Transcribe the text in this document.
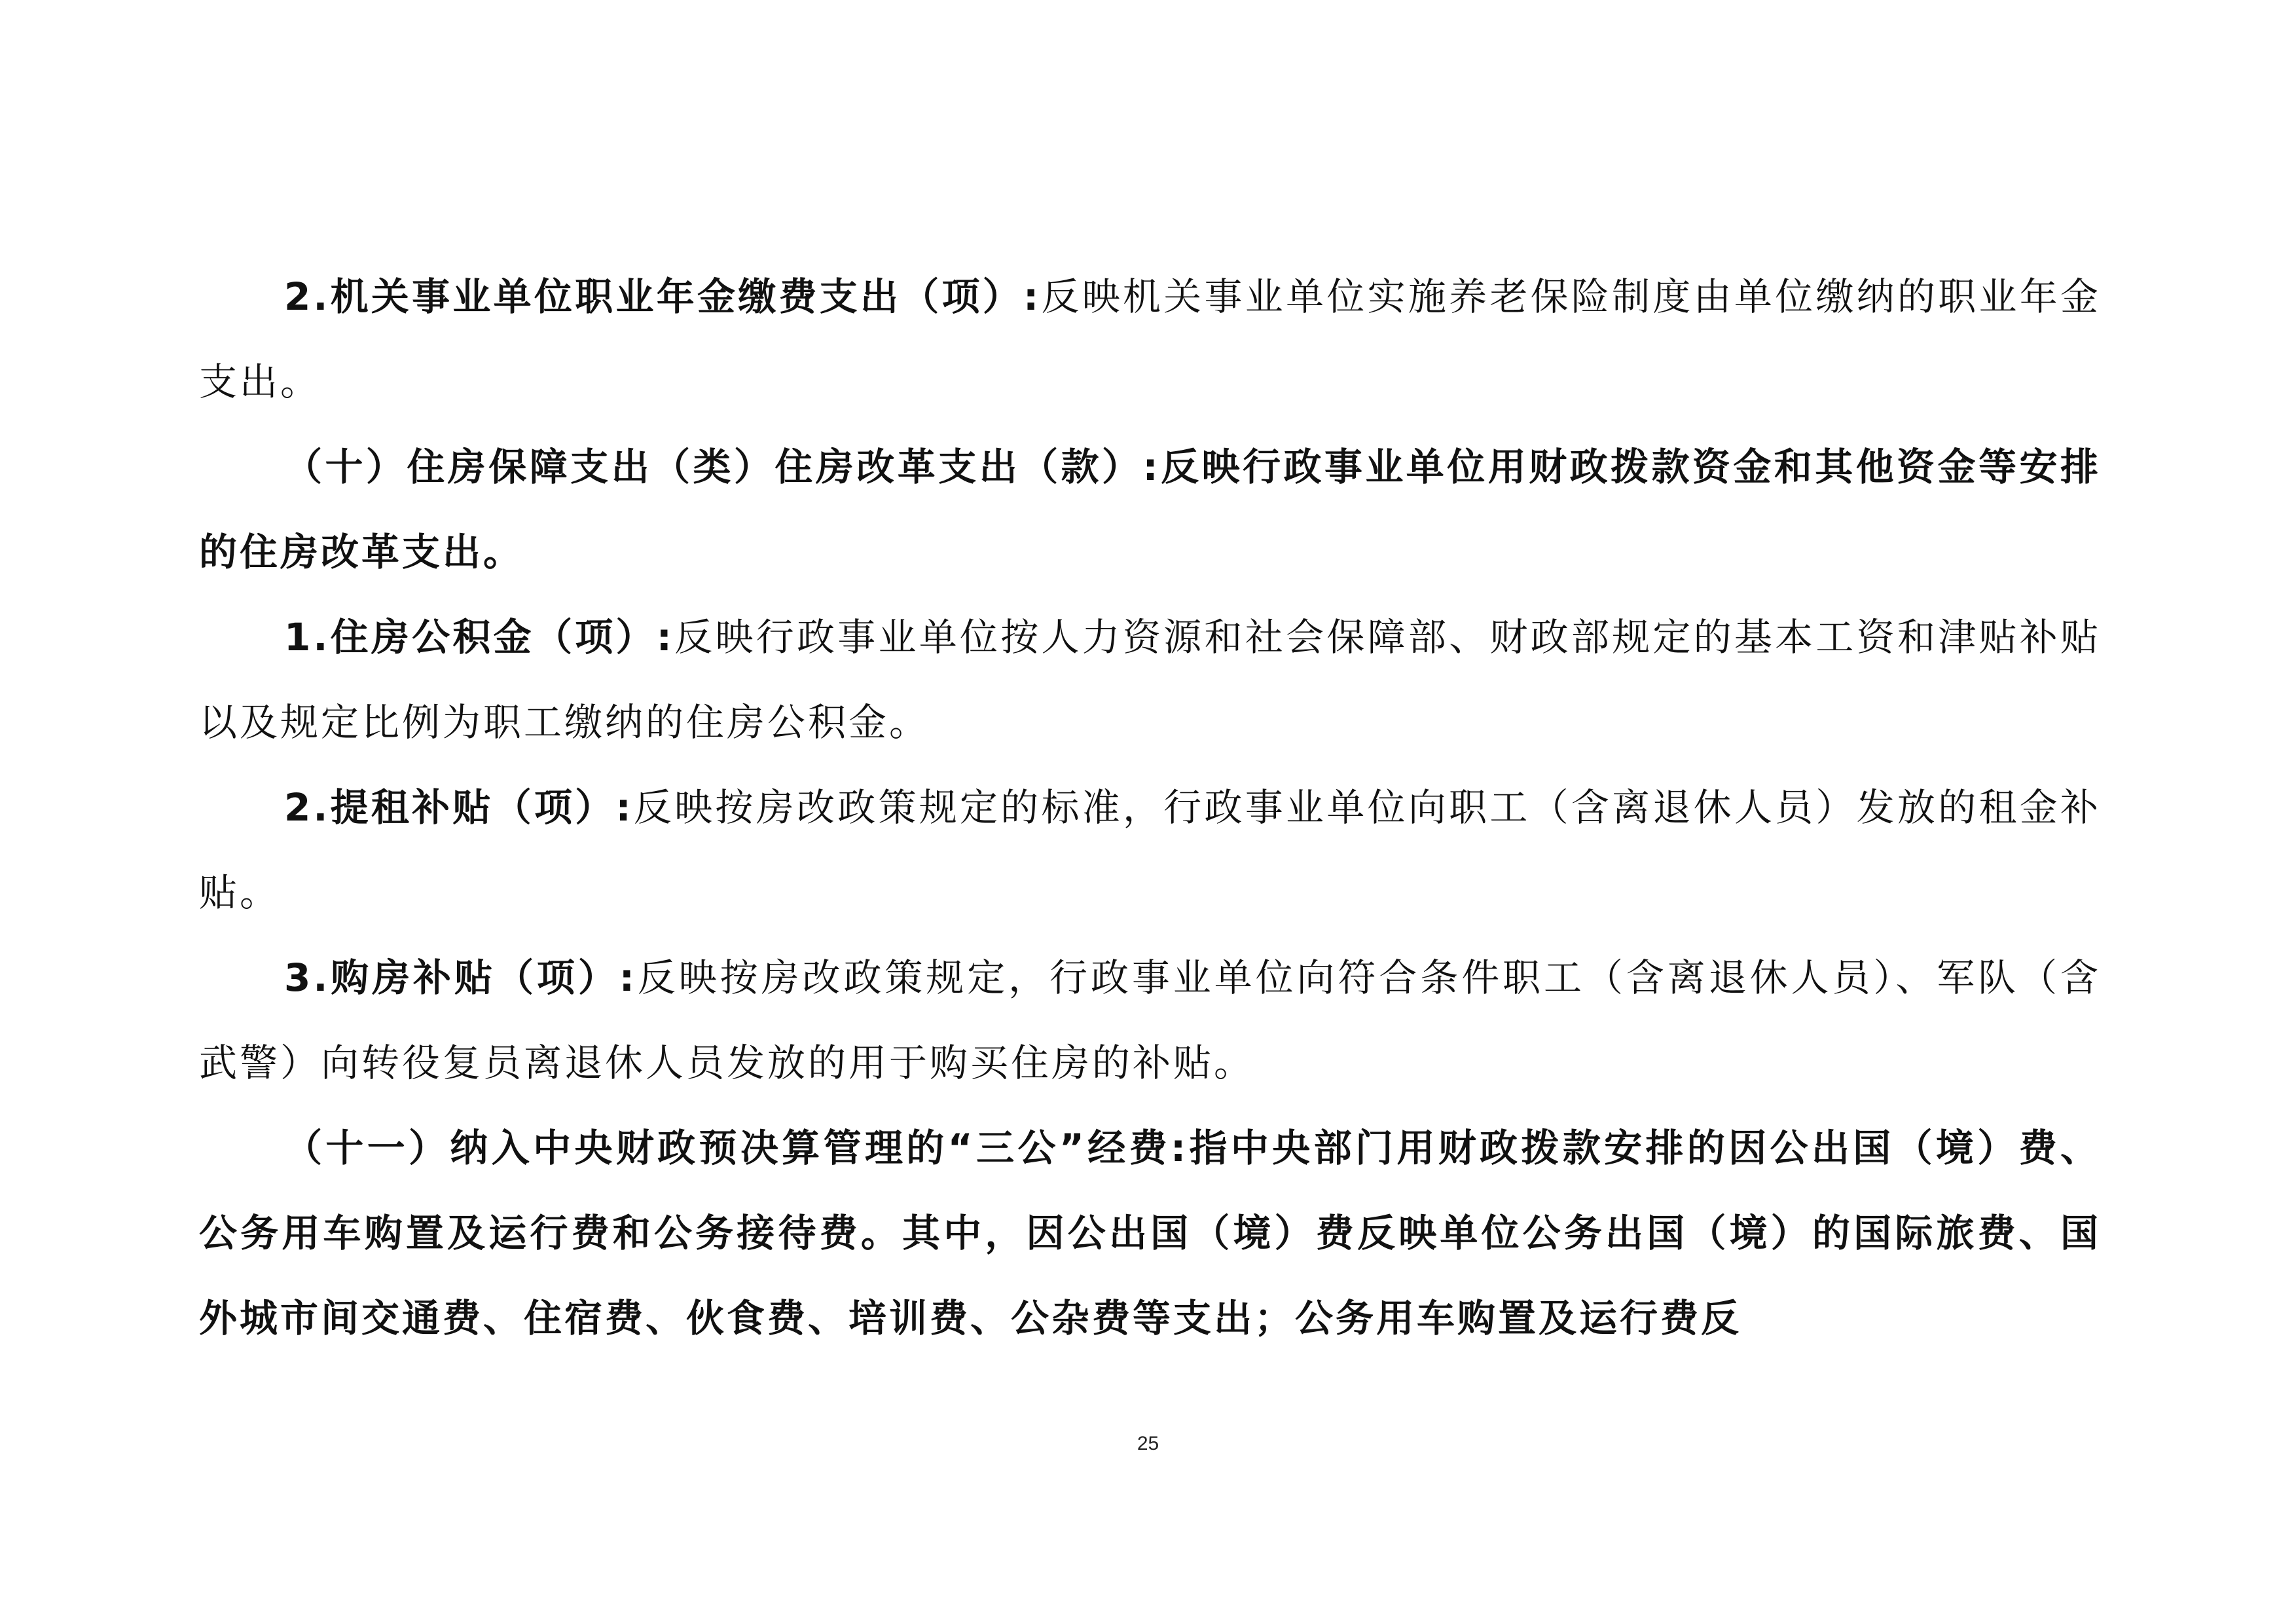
2.机关事业单位职业年金缴费支出（项）:反映机关事业单位实施养老保险制度由单位缴纳的职业年金支出。

（十）住房保障支出（类）住房改革支出（款）:反映行政事业单位用财政拨款资金和其他资金等安排的住房改革支出。

1.住房公积金（项）:反映行政事业单位按人力资源和社会保障部、财政部规定的基本工资和津贴补贴以及规定比例为职工缴纳的住房公积金。

2.提租补贴（项）:反映按房改政策规定的标准，行政事业单位向职工（含离退休人员）发放的租金补贴。

3.购房补贴（项）:反映按房改政策规定，行政事业单位向符合条件职工（含离退休人员）、军队（含武警）向转役复员离退休人员发放的用于购买住房的补贴。

（十一）纳入中央财政预决算管理的“三公”经费:指中央部门用财政拨款安排的因公出国（境）费、公务用车购置及运行费和公务接待费。其中，因公出国（境）费反映单位公务出国（境）的国际旅费、国外城市间交通费、住宿费、伙食费、培训费、公杂费等支出；公务用车购置及运行费反

25
